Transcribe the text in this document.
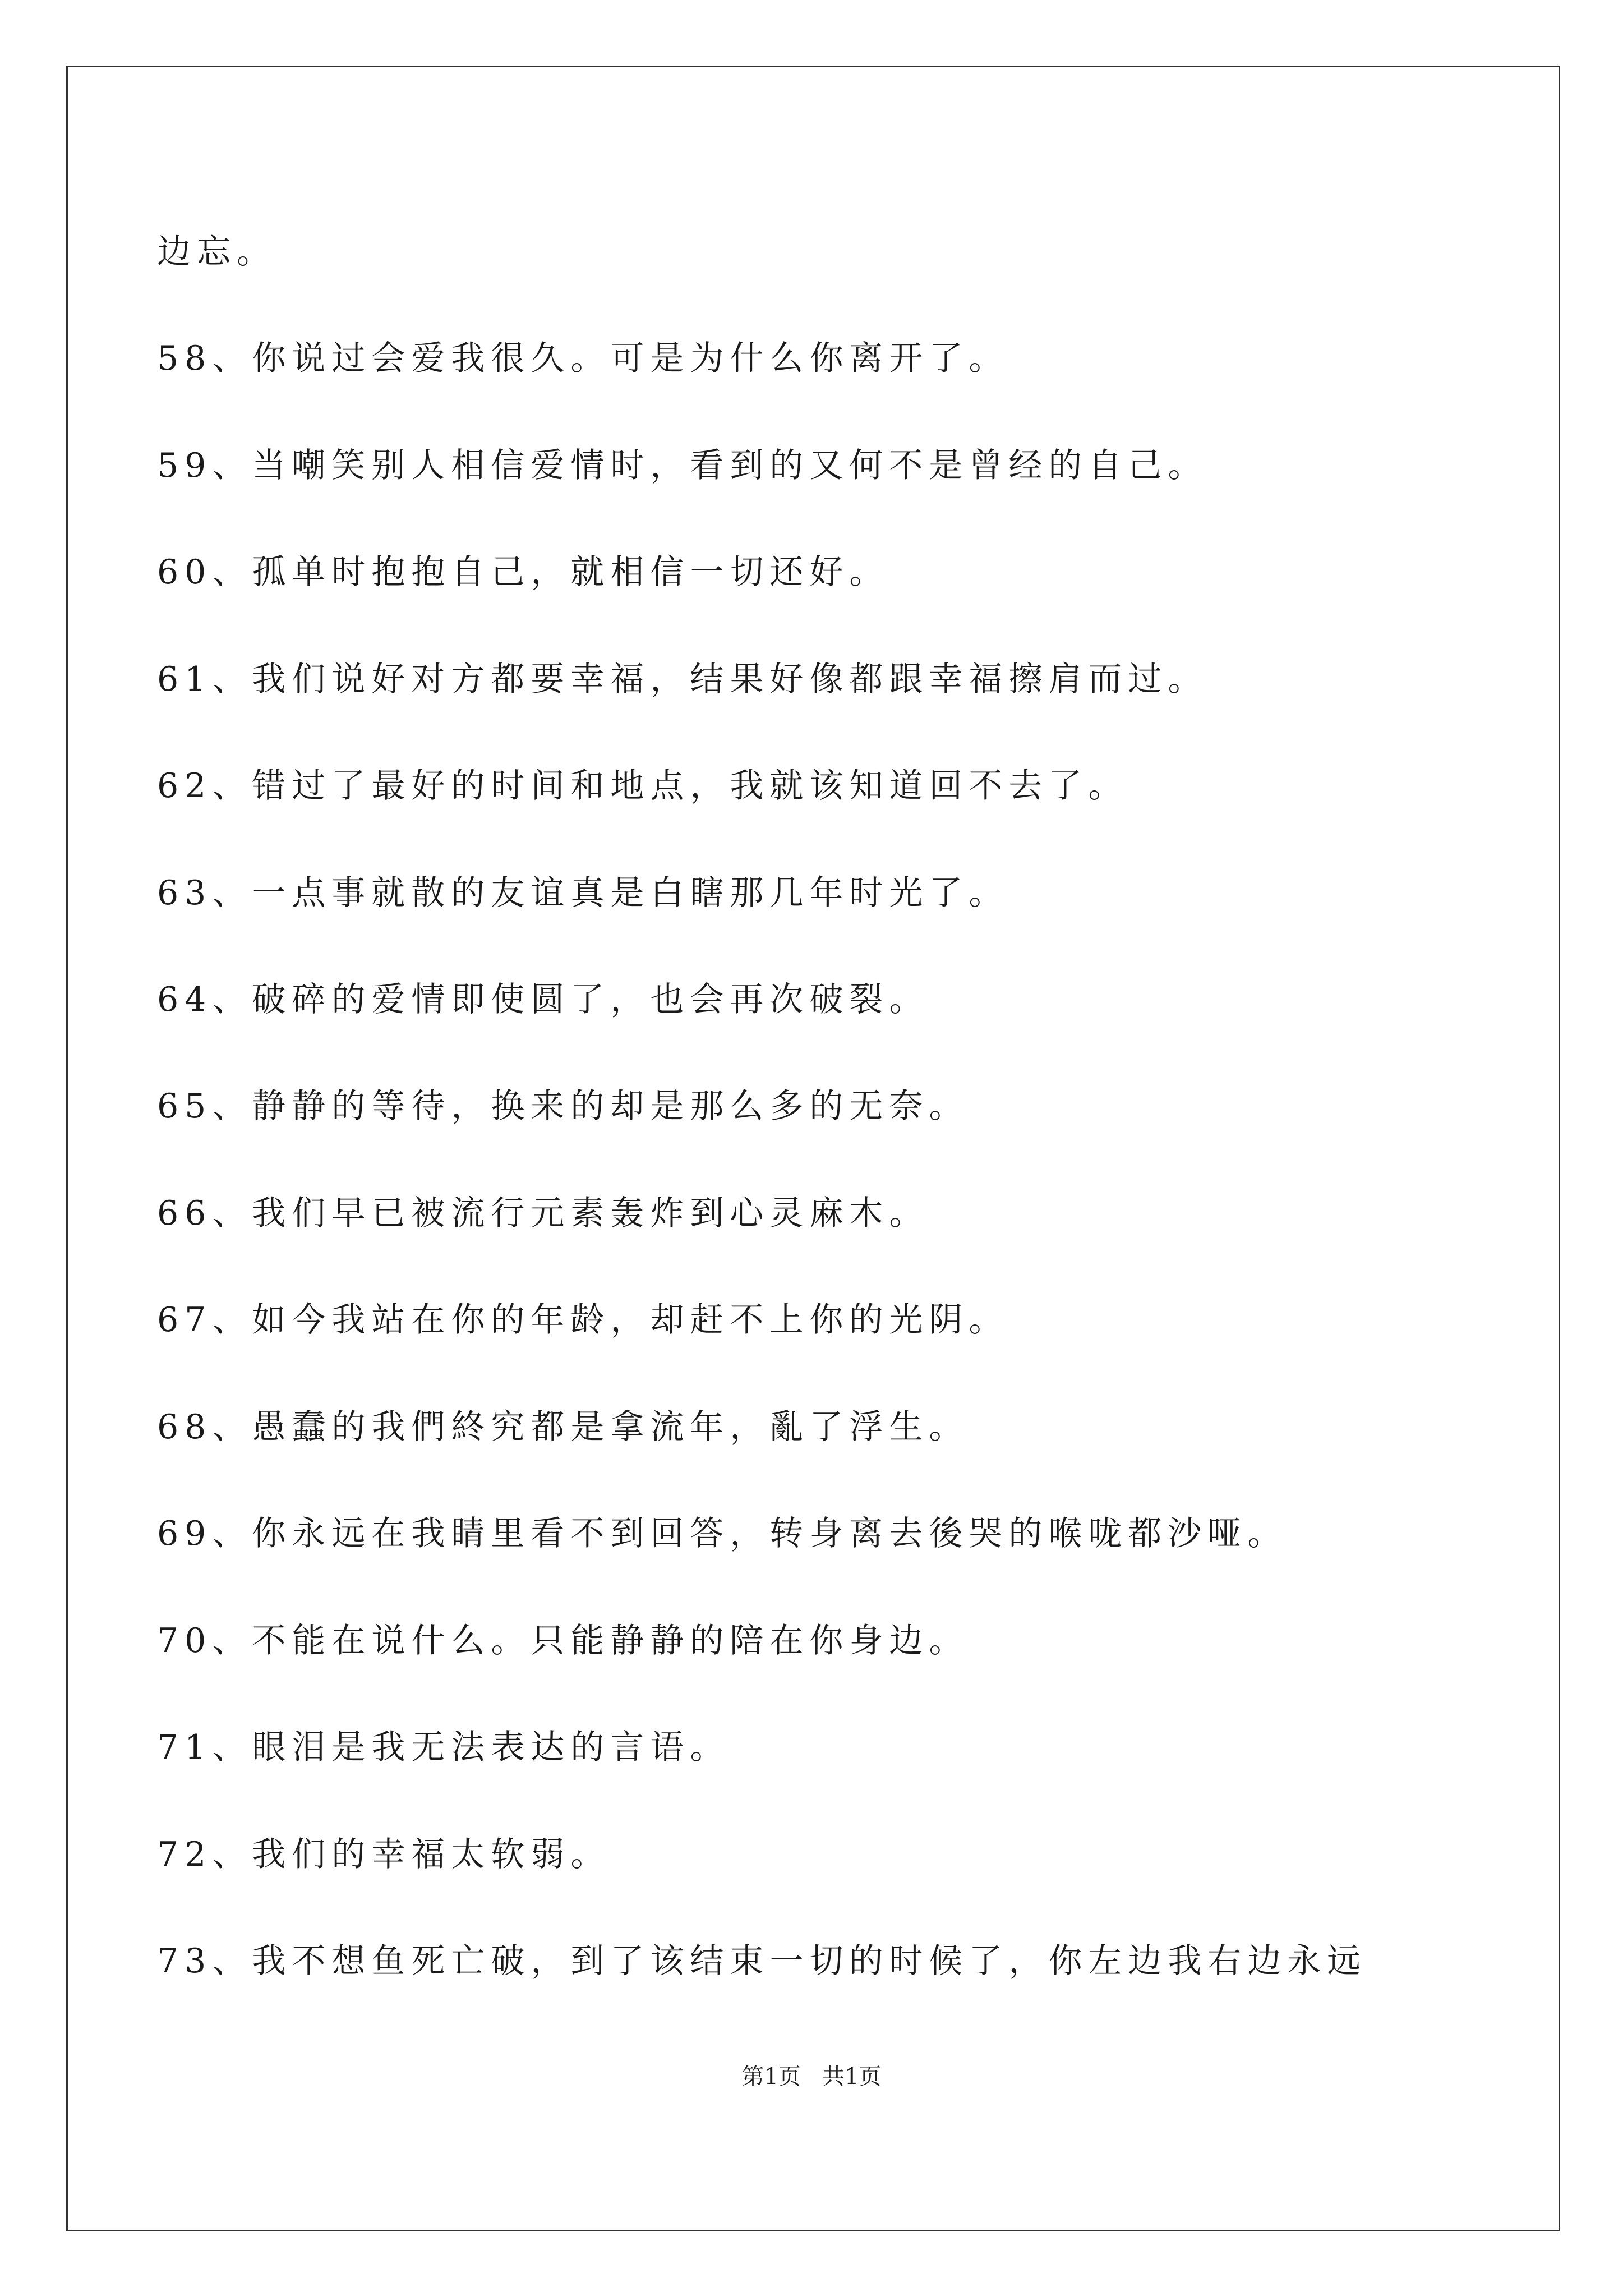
边忘。

58、你说过会爱我很久。可是为什么你离开了。

59、当嘲笑别人相信爱情时，看到的又何不是曾经的自己。

60、孤单时抱抱自己，就相信一切还好。

61、我们说好对方都要幸福，结果好像都跟幸福擦肩而过。

62、错过了最好的时间和地点，我就该知道回不去了。

63、一点事就散的友谊真是白瞎那几年时光了。

64、破碎的爱情即使圆了，也会再次破裂。

65、静静的等待，换来的却是那么多的无奈。

66、我们早已被流行元素轰炸到心灵麻木。

67、如今我站在你的年龄，却赶不上你的光阴。

68、愚蠢的我們終究都是拿流年，亂了浮生。

69、你永远在我睛里看不到回答，转身离去後哭的喉咙都沙哑。

70、不能在说什么。只能静静的陪在你身边。

71、眼泪是我无法表达的言语。

72、我们的幸福太软弱。

73、我不想鱼死亡破，到了该结束一切的时候了，你左边我右边永远

第1页   共1页
